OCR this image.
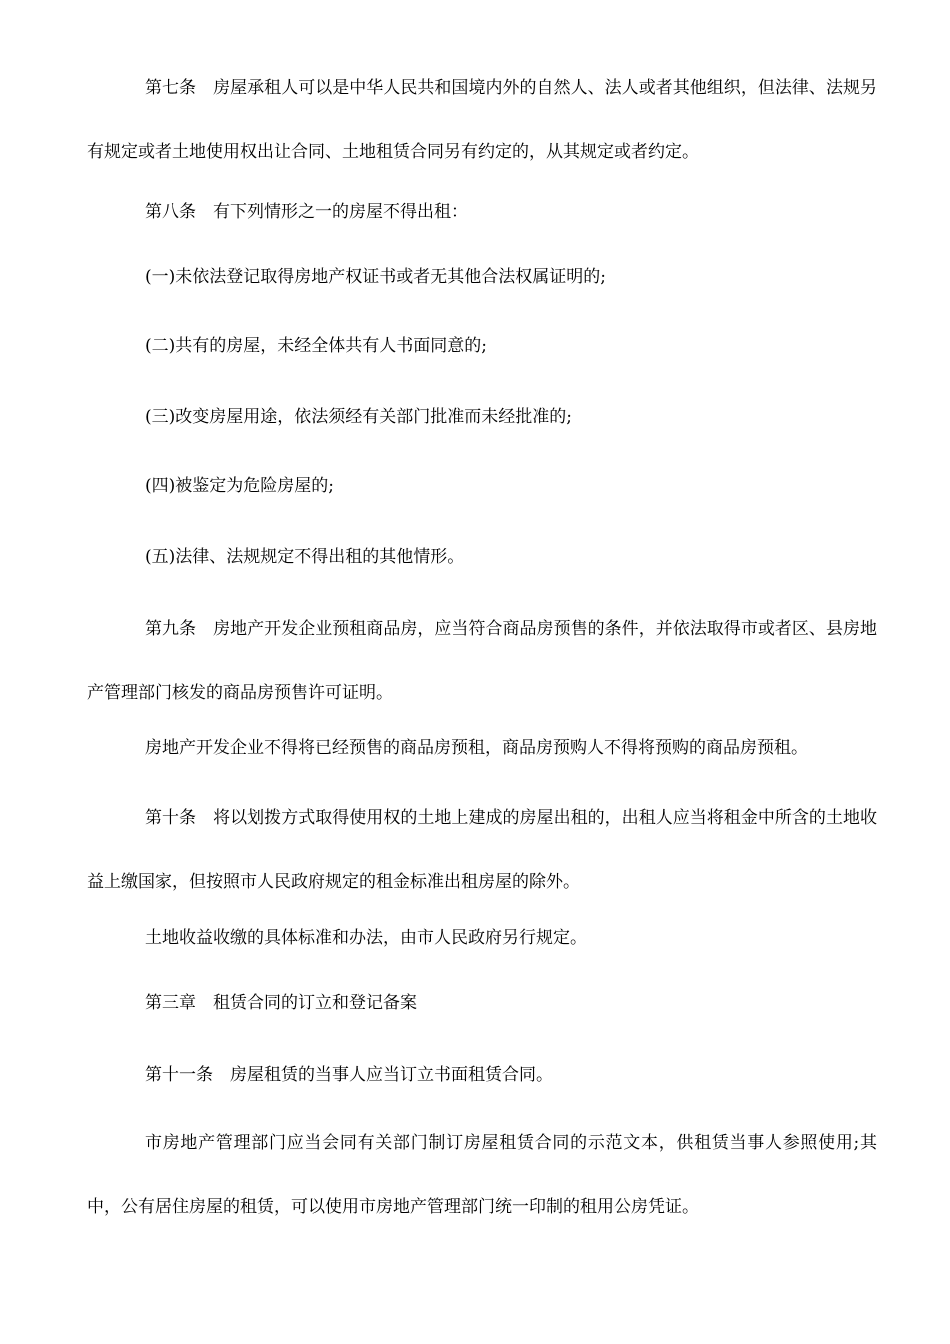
第七条　房屋承租人可以是中华人民共和国境内外的自然人、法人或者其他组织，但法律、法规另有规定或者土地使用权出让合同、土地租赁合同另有约定的，从其规定或者约定。

第八条　有下列情形之一的房屋不得出租：

(一)未依法登记取得房地产权证书或者无其他合法权属证明的;

(二)共有的房屋，未经全体共有人书面同意的;

(三)改变房屋用途，依法须经有关部门批准而未经批准的;

(四)被鉴定为危险房屋的;

(五)法律、法规规定不得出租的其他情形。

第九条　房地产开发企业预租商品房，应当符合商品房预售的条件，并依法取得市或者区、县房地产管理部门核发的商品房预售许可证明。

房地产开发企业不得将已经预售的商品房预租，商品房预购人不得将预购的商品房预租。

第十条　将以划拨方式取得使用权的土地上建成的房屋出租的，出租人应当将租金中所含的土地收益上缴国家，但按照市人民政府规定的租金标准出租房屋的除外。

土地收益收缴的具体标准和办法，由市人民政府另行规定。

第三章　租赁合同的订立和登记备案

第十一条　房屋租赁的当事人应当订立书面租赁合同。

市房地产管理部门应当会同有关部门制订房屋租赁合同的示范文本，供租赁当事人参照使用;其中，公有居住房屋的租赁，可以使用市房地产管理部门统一印制的租用公房凭证。
